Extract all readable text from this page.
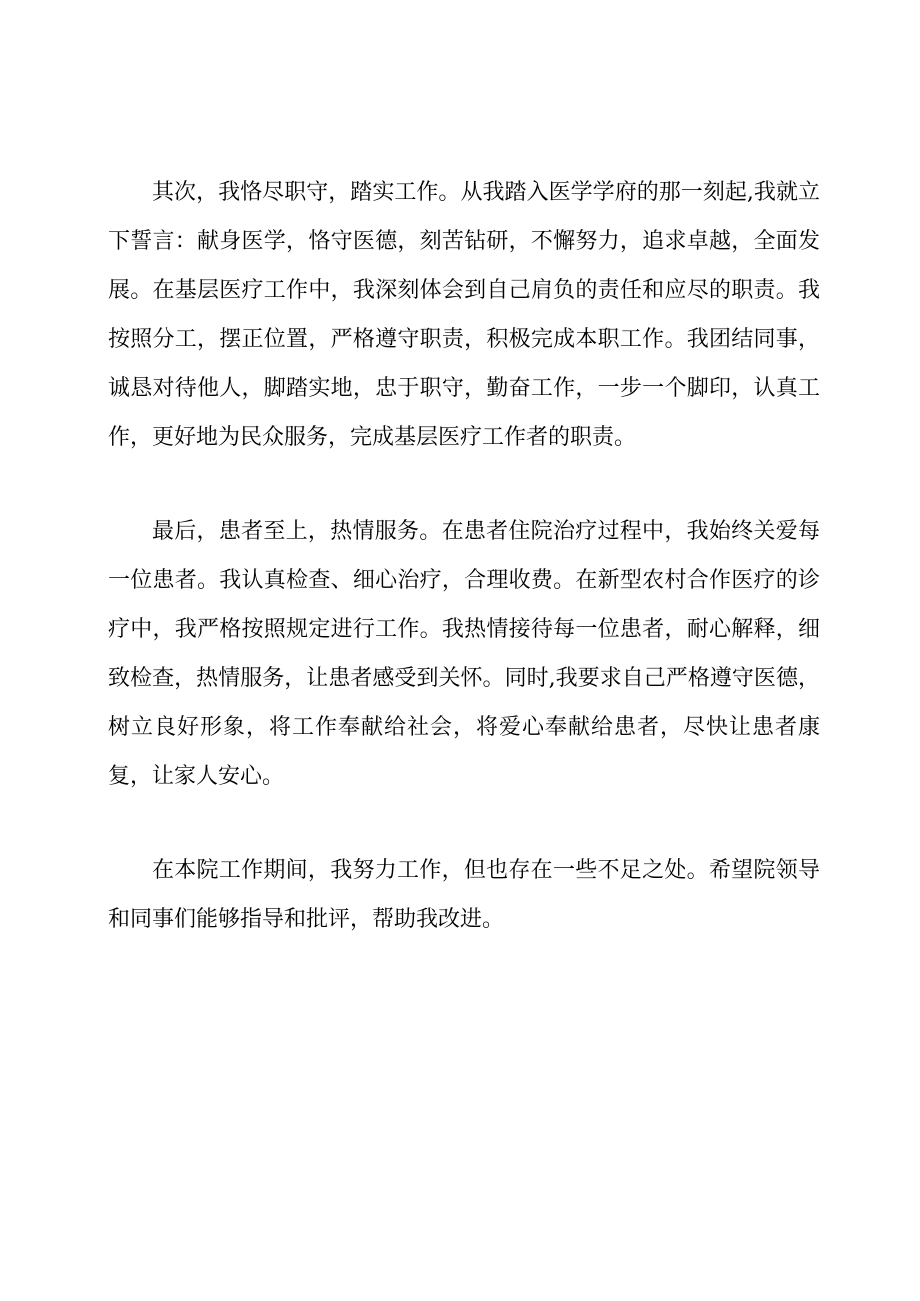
其次，我恪尽职守，踏实工作。从我踏入医学学府的那一刻起,我就立下誓言：献身医学，恪守医德，刻苦钻研，不懈努力，追求卓越，全面发展。在基层医疗工作中，我深刻体会到自己肩负的责任和应尽的职责。我按照分工，摆正位置，严格遵守职责，积极完成本职工作。我团结同事，诚恳对待他人，脚踏实地，忠于职守，勤奋工作，一步一个脚印，认真工作，更好地为民众服务，完成基层医疗工作者的职责。

最后，患者至上，热情服务。在患者住院治疗过程中，我始终关爱每一位患者。我认真检查、细心治疗，合理收费。在新型农村合作医疗的诊疗中，我严格按照规定进行工作。我热情接待每一位患者，耐心解释，细致检查，热情服务，让患者感受到关怀。同时,我要求自己严格遵守医德，树立良好形象，将工作奉献给社会，将爱心奉献给患者，尽快让患者康复，让家人安心。

在本院工作期间，我努力工作，但也存在一些不足之处。希望院领导和同事们能够指导和批评，帮助我改进。
